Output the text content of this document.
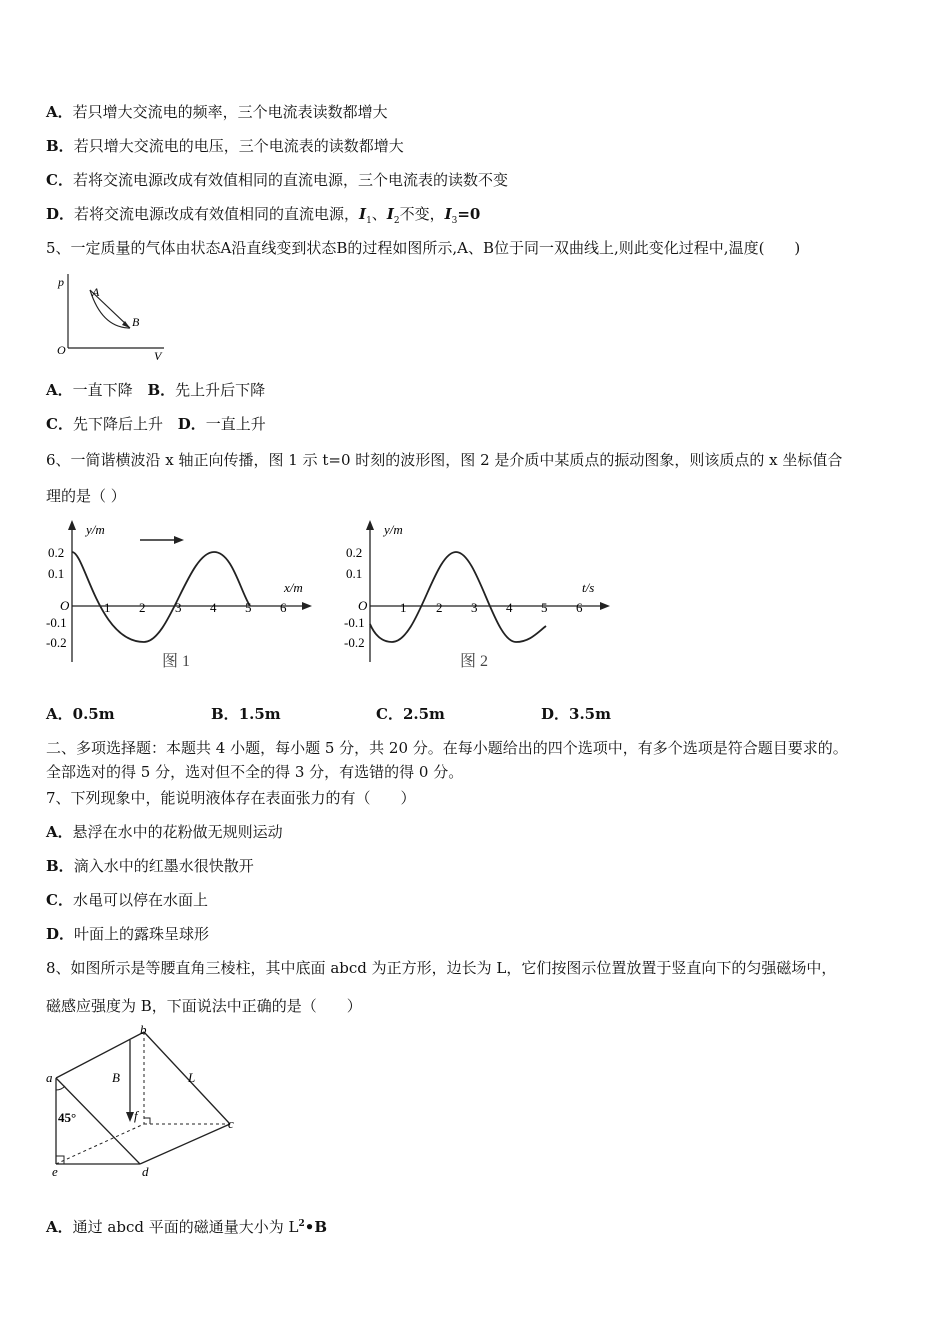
A．若只增大交流电的频率，三个电流表读数都增大
B．若只增大交流电的电压，三个电流表的读数都增大
C．若将交流电源改成有效值相同的直流电源，三个电流表的读数不变
D．若将交流电源改成有效值相同的直流电源，$I_1$、$I_2$不变，$I_3=0$
5、一定质量的气体由状态A沿直线变到状态B的过程如图所示,A、B位于同一双曲线上,则此变化过程中,温度(　　)
p
V
O
A
B
A．一直下降 B．先上升后下降
C．先下降后上升 D．一直上升
6、一简谐横波沿 x 轴正向传播，图 1 示 t=0 时刻的波形图，图 2 是介质中某质点的振动图象，则该质点的 x 坐标值合
理的是（ ）
y/m
x/m
O
0.2
0.1
-0.1
-0.2
1 2 3 4 5 6
图 1
y/m
t/s
O
0.2
0.1
-0.1
-0.2
1 2 3 4 5 6
图 2
A．0.5m	B．1.5m	C．2.5m	D．3.5m
二、多项选择题：本题共 4 小题，每小题 5 分，共 20 分。在每小题给出的四个选项中，有多个选项是符合题目要求的。
全部选对的得 5 分，选对但不全的得 3 分，有选错的得 0 分。
7、下列现象中，能说明液体存在表面张力的有（　　）
A．悬浮在水中的花粉做无规则运动
B．滴入水中的红墨水很快散开
C．水黾可以停在水面上
D．叶面上的露珠呈球形
8、如图所示是等腰直角三棱柱，其中底面 abcd 为正方形，边长为 L，它们按图示位置放置于竖直向下的匀强磁场中，
磁感应强度为 B，下面说法中正确的是（　　）
a
b
c
d
e
f
B	L
45°
A．通过 abcd 平面的磁通量大小为 $L^2•B$
